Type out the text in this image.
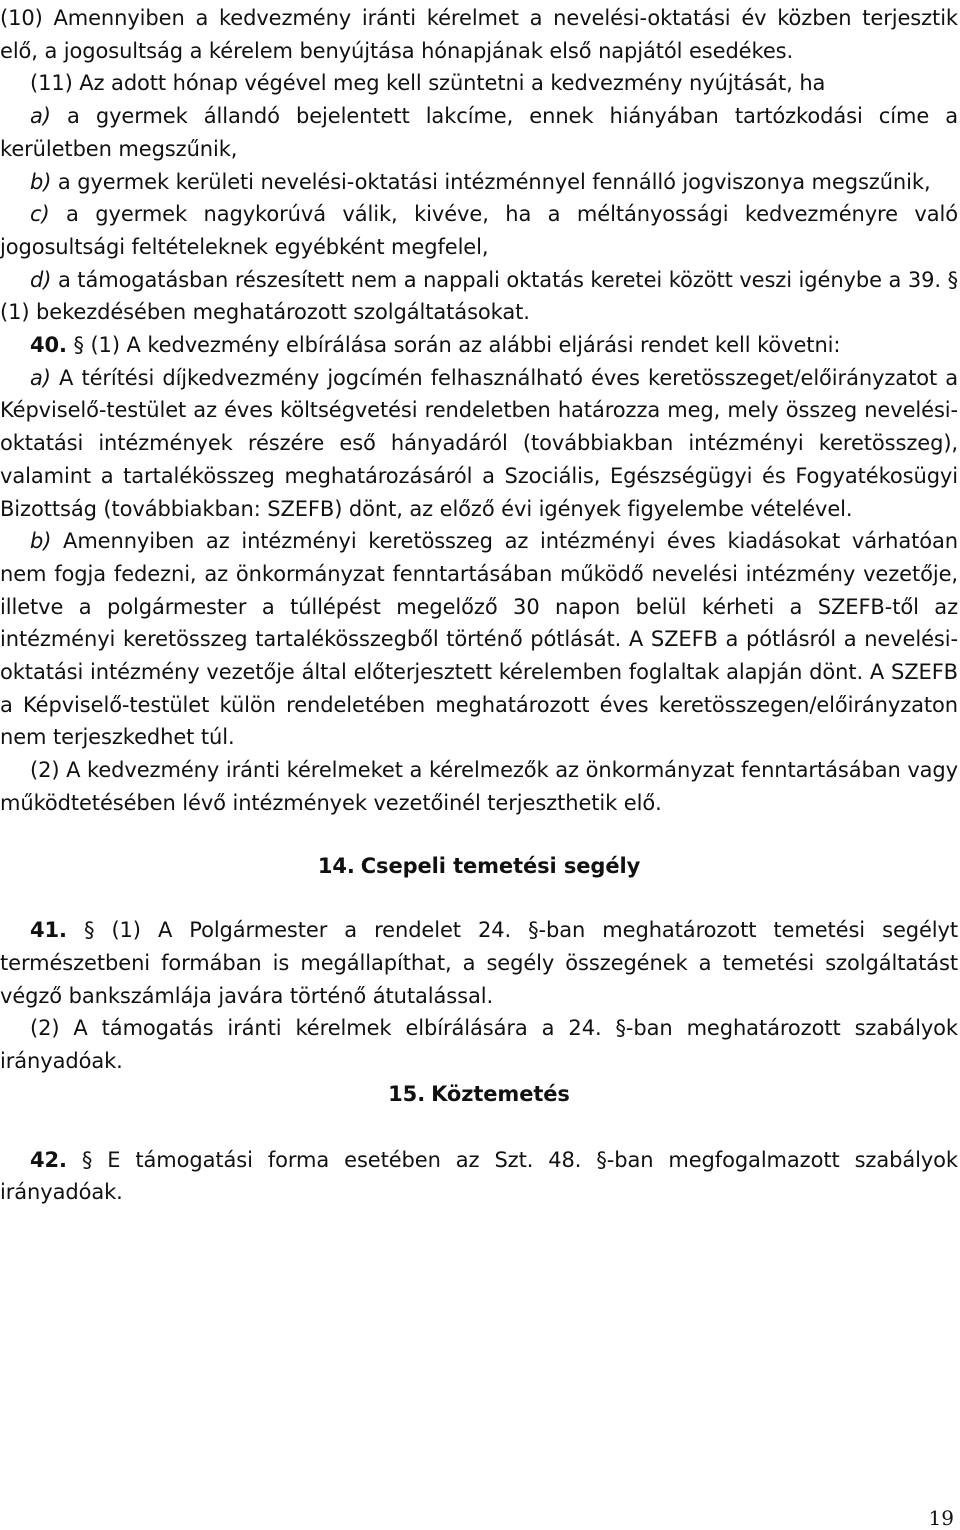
(10) Amennyiben a kedvezmény iránti kérelmet a nevelési-oktatási év közben terjesztik elő, a jogosultság a kérelem benyújtása hónapjának első napjától esedékes.

(11) Az adott hónap végével meg kell szüntetni a kedvezmény nyújtását, ha

a) a gyermek állandó bejelentett lakcíme, ennek hiányában tartózkodási címe a kerületben megszűnik,

b) a gyermek kerületi nevelési-oktatási intézménnyel fennálló jogviszonya megszűnik,

c) a gyermek nagykorúvá válik, kivéve, ha a méltányossági kedvezményre való jogosultsági feltételeknek egyébként megfelel,

d) a támogatásban részesített nem a nappali oktatás keretei között veszi igénybe a 39. § (1) bekezdésében meghatározott szolgáltatásokat.

40. § (1) A kedvezmény elbírálása során az alábbi eljárási rendet kell követni:

a) A térítési díjkedvezmény jogcímén felhasználható éves keretösszeget/előirányzatot a Képviselő-testület az éves költségvetési rendeletben határozza meg, mely összeg nevelési-oktatási intézmények részére eső hányadáról (továbbiakban intézményi keretösszeg), valamint a tartalékösszeg meghatározásáról a Szociális, Egészségügyi és Fogyatékosügyi Bizottság (továbbiakban: SZEFB) dönt, az előző évi igények figyelembe vételével.

b) Amennyiben az intézményi keretösszeg az intézményi éves kiadásokat várhatóan nem fogja fedezni, az önkormányzat fenntartásában működő nevelési intézmény vezetője, illetve a polgármester a túllépést megelőző 30 napon belül kérheti a SZEFB-től az intézményi keretösszeg tartalékösszegből történő pótlását. A SZEFB a pótlásról a nevelési-oktatási intézmény vezetője által előterjesztett kérelemben foglaltak alapján dönt. A SZEFB a Képviselő-testület külön rendeletében meghatározott éves keretösszegen/előirányzaton nem terjeszkedhet túl.

(2) A kedvezmény iránti kérelmeket a kérelmezők az önkormányzat fenntartásában vagy működtetésében lévő intézmények vezetőinél terjeszthetik elő.

14. Csepeli temetési segély

41. § (1) A Polgármester a rendelet 24. §-ban meghatározott temetési segélyt természetbeni formában is megállapíthat, a segély összegének a temetési szolgáltatást végző bankszámlája javára történő átutalással.

(2) A támogatás iránti kérelmek elbírálására a 24. §-ban meghatározott szabályok irányadóak.

15. Köztemetés

42. § E támogatási forma esetében az Szt. 48. §-ban megfogalmazott szabályok irányadóak.

19
